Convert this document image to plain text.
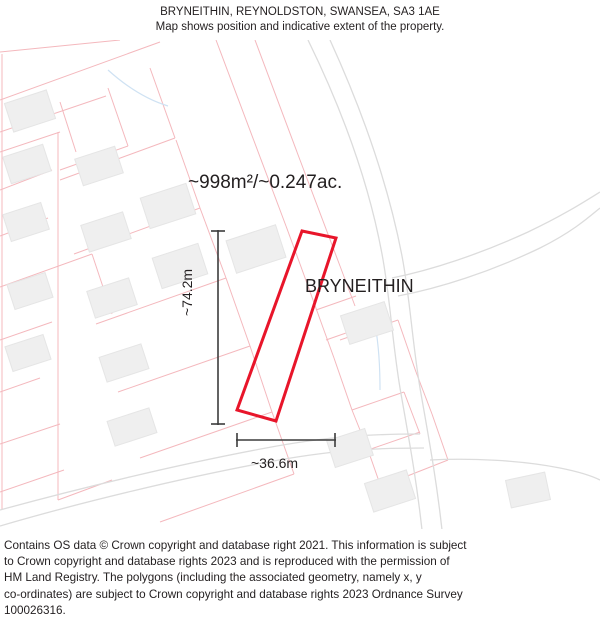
BRYNEITHIN, REYNOLDSTON, SWANSEA, SA3 1AE
Map shows position and indicative extent of the property.
~998m²/~0.247ac.
BRYNEITHIN
~74.2m
~36.6m
Contains OS data © Crown copyright and database right 2021. This information is subject
to Crown copyright and database rights 2023 and is reproduced with the permission of
HM Land Registry. The polygons (including the associated geometry, namely x, y
co-ordinates) are subject to Crown copyright and database rights 2023 Ordnance Survey
100026316.
